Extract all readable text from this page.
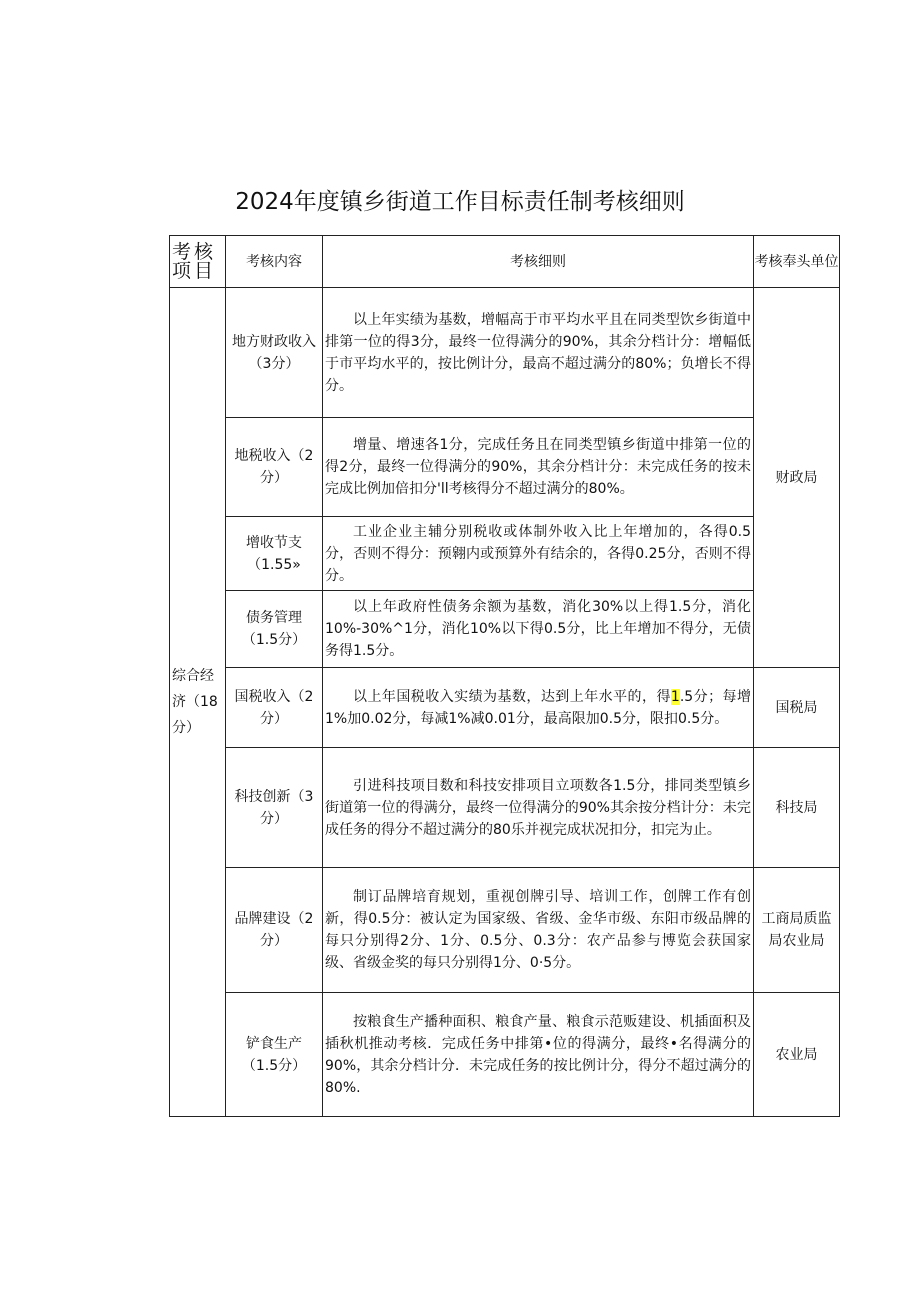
2024年度镇乡街道工作目标责任制考核细则
考核项目	考核内容	考核细则	考核奉头单位
综合经济（18分）	地方财政收入（3分）	以上年实绩为基数，增幅高于市平均水平且在同类型饮乡街道中排第一位的得3分，最终一位得满分的90%，其余分档计分：增幅低于市平均水平的，按比例计分，最高不超过满分的80%；负增长不得分。	财政局
	地税收入（2分）	增量、增速各1分，完成任务且在同类型镇乡街道中排第一位的得2分，最终一位得满分的90%，其余分档计分：未完成任务的按未完成比例加倍扣分'll考核得分不超过满分的80%。	
	增收节支（1.55»	工业企业主辅分别税收或体制外收入比上年增加的，各得0.5分，否则不得分：预翱内或预算外有结余的，各得0.25分，否则不得分。	
	债务管理（1.5分）	以上年政府性债务余额为基数，消化30%以上得1.5分，消化10%-30%^1分，消化10%以下得0.5分，比上年增加不得分，无债务得1.5分。	
	国税收入（2分）	以上年国税收入实绩为基数，达到上年水平的，得1.5分；每增1%加0.02分，每减1%减0.01分，最高限加0.5分，限扣0.5分。	国税局
	科技创新（3分）	引进科技项目数和科技安排项目立项数各1.5分，排同类型镇乡街道第一位的得满分，最终一位得满分的90%其余按分档计分：未完成任务的得分不超过满分的80乐并视完成状况扣分，扣完为止。	科技局
	品牌建设（2分）	制订品牌培育规划，重视创牌引导、培训工作，创牌工作有创新，得0.5分：被认定为国家级、省级、金华市级、东阳市级品牌的每只分别得2分、1分、0.5分、0.3分：农产品参与博览会获国家级、省级金奖的每只分别得1分、0·5分。	工商局质监局农业局
	铲食生产（1.5分）	按粮食生产播种面积、粮食产量、粮食示范贩建设、机插面积及插秋机推动考核．完成任务中排第•位的得满分，最终•名得满分的90%，其余分档计分．未完成任务的按比例计分，得分不超过满分的80%.	农业局
